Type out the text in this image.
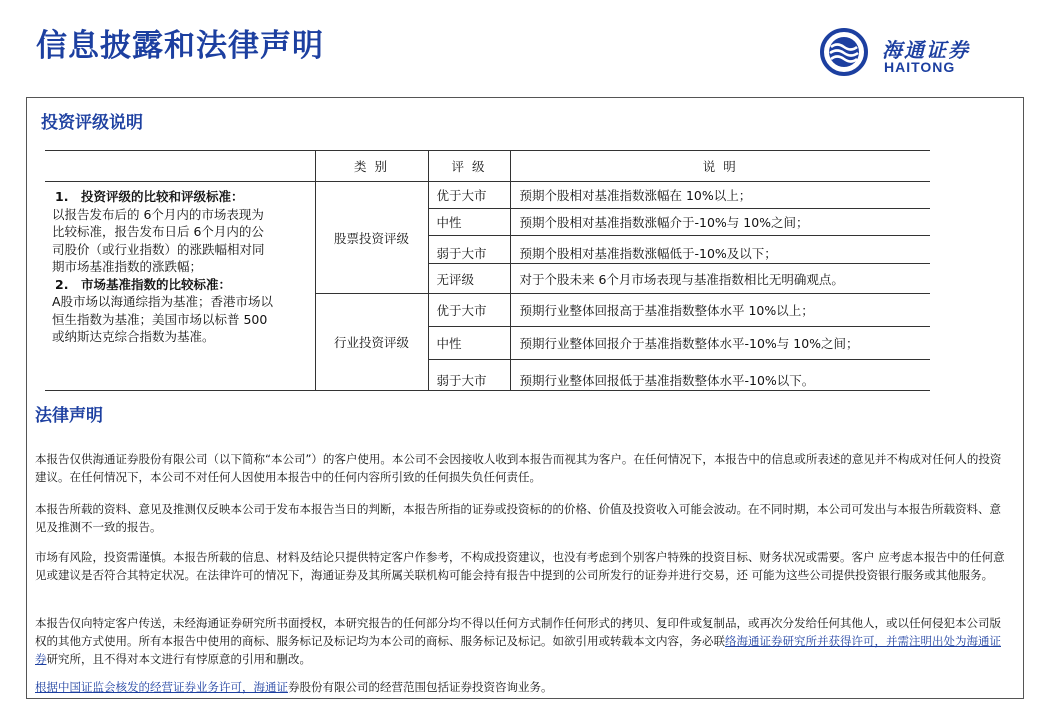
信息披露和法律声明	海通证券
HAITONG
投资评级说明
	类 别	评 级	说 明
	股票投资评级	优于大市	预期个股相对基准指数涨幅在 10%以上；
		中性	预期个股相对基准指数涨幅介于-10%与 10%之间；
		弱于大市	预期个股相对基准指数涨幅低于-10%及以下；
		无评级	对于个股未来 6个月市场表现与基准指数相比无明确观点。
	行业投资评级	优于大市	预期行业整体回报高于基准指数整体水平 10%以上；
		中性	预期行业整体回报介于基准指数整体水平-10%与 10%之间；
		弱于大市	预期行业整体回报低于基准指数整体水平-10%以下。
1. 投资评级的比较和评级标准：
以报告发布后的 6个月内的市场表现为
比较标准，报告发布日后 6个月内的公
司股价（或行业指数）的涨跌幅相对同
期市场基准指数的涨跌幅；
2. 市场基准指数的比较标准：
A股市场以海通综指为基准；香港市场以
恒生指数为基准；美国市场以标普 500
或纳斯达克综合指数为基准。
法律声明
本报告仅供海通证券股份有限公司（以下简称“本公司”）的客户使用。本公司不会因接收人收到本报告而视其为客户。在任何情况下，本报告中的信息或所表述的意见并不构成对任何人的投资建议。在任何情况下，本公司不对任何人因使用本报告中的任何内容所引致的任何损失负任何责任。
本报告所载的资料、意见及推测仅反映本公司于发布本报告当日的判断，本报告所指的证券或投资标的的价格、价值及投资收入可能会波动。在不同时期，本公司可发出与本报告所载资料、意见及推测不一致的报告。
市场有风险，投资需谨慎。本报告所载的信息、材料及结论只提供特定客户作参考，不构成投资建议，也没有考虑到个别客户特殊的投资目标、财务状况或需要。客户 应考虑本报告中的任何意见或建议是否符合其特定状况。在法律许可的情况下，海通证券及其所属关联机构可能会持有报告中提到的公司所发行的证券并进行交易，还 可能为这些公司提供投资银行服务或其他服务。
本报告仅向特定客户传送，未经海通证券研究所书面授权，本研究报告的任何部分均不得以任何方式制作任何形式的拷贝、复印件或复制品，或再次分发给任何其他人，或以任何侵犯本公司版权的其他方式使用。所有本报告中使用的商标、服务标记及标记均为本公司的商标、服务标记及标记。如欲引用或转载本文内容，务必联络海通证券研究所并获得许可，并需注明出处为海通证券研究所，且不得对本文进行有悖原意的引用和删改。
根据中国证监会核发的经营证券业务许可，海通证券股份有限公司的经营范围包括证券投资咨询业务。
